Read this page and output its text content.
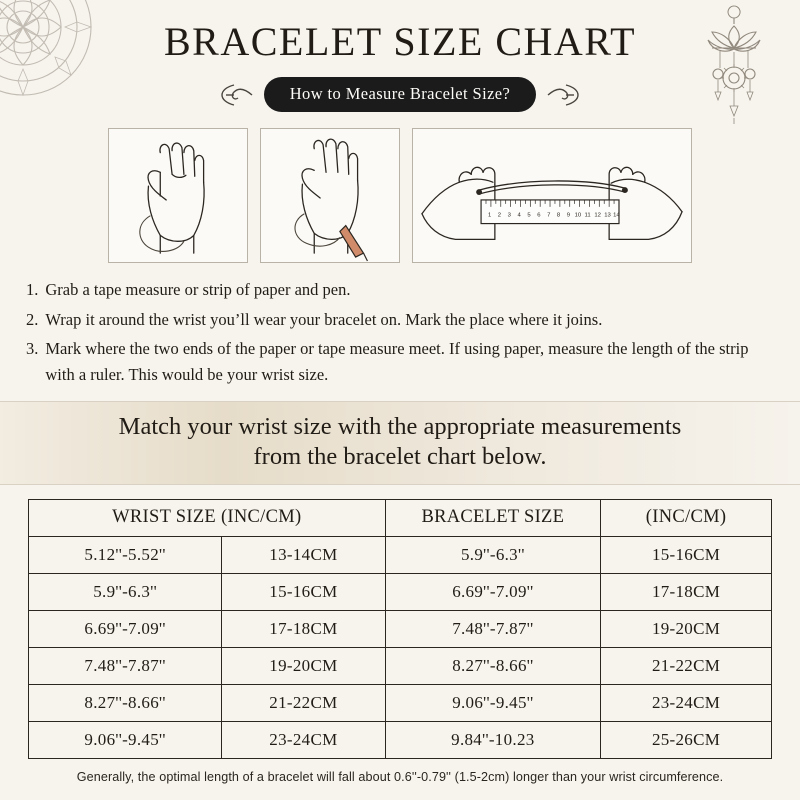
BRACELET SIZE CHART
How to Measure Bracelet Size?
1 2 3 4 5 6 7 8 9 10 11 12 13 14
1. Grab a tape measure or strip of paper and pen.
2. Wrap it around the wrist you’ll wear your bracelet on. Mark the place where it joins.
3. Mark where the two ends of the paper or tape measure meet. If using paper, measure the length of the strip with a ruler. This would be your wrist size.
Match your wrist size with the appropriate measurements
from the bracelet chart below.
WRIST SIZE (INC/CM)		BRACELET SIZE	(INC/CM)
5.12''-5.52''	13-14CM	5.9''-6.3''	15-16CM
5.9''-6.3''	15-16CM	6.69''-7.09''	17-18CM
6.69''-7.09''	17-18CM	7.48''-7.87''	19-20CM
7.48''-7.87''	19-20CM	8.27''-8.66''	21-22CM
8.27''-8.66''	21-22CM	9.06''-9.45''	23-24CM
9.06''-9.45''	23-24CM	9.84''-10.23	25-26CM
Generally, the optimal length of a bracelet will fall about 0.6''-0.79'' (1.5-2cm) longer than your wrist circumference.
